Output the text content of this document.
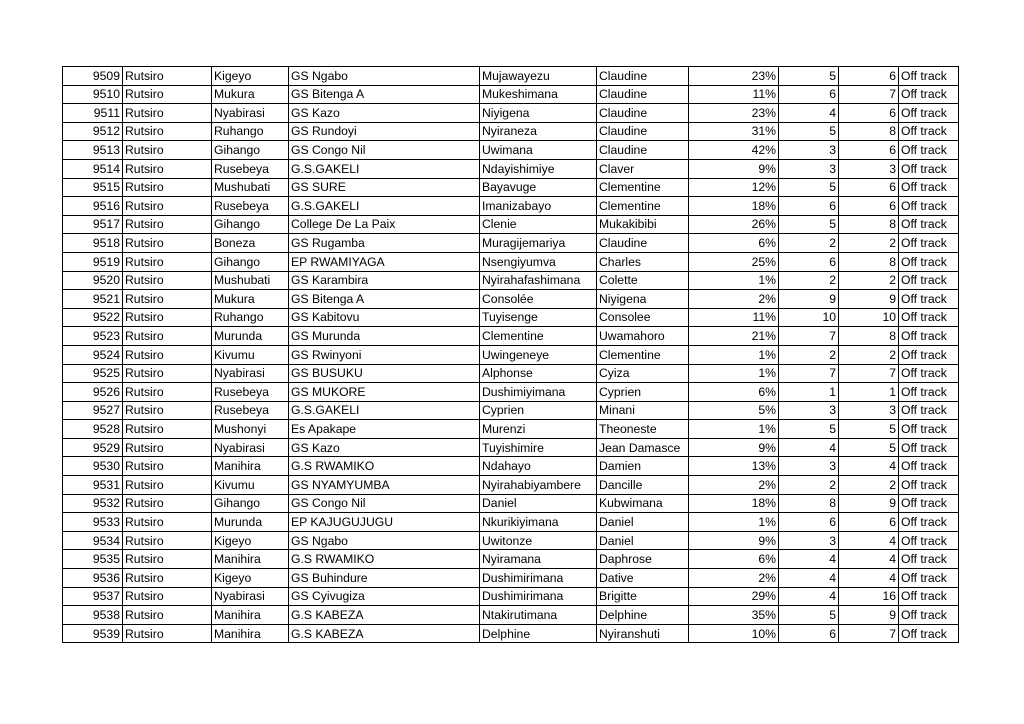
9509	Rutsiro	Kigeyo	GS Ngabo	Mujawayezu	Claudine	23%	5	6	Off track
9510	Rutsiro	Mukura	GS Bitenga A	Mukeshimana	Claudine	11%	6	7	Off track
9511	Rutsiro	Nyabirasi	GS Kazo	Niyigena	Claudine	23%	4	6	Off track
9512	Rutsiro	Ruhango	GS Rundoyi	Nyiraneza	Claudine	31%	5	8	Off track
9513	Rutsiro	Gihango	GS Congo Nil	Uwimana	Claudine	42%	3	6	Off track
9514	Rutsiro	Rusebeya	G.S.GAKELI	Ndayishimiye	Claver	9%	3	3	Off track
9515	Rutsiro	Mushubati	GS SURE	Bayavuge	Clementine	12%	5	6	Off track
9516	Rutsiro	Rusebeya	G.S.GAKELI	Imanizabayo	Clementine	18%	6	6	Off track
9517	Rutsiro	Gihango	College De La Paix	Clenie	Mukakibibi	26%	5	8	Off track
9518	Rutsiro	Boneza	GS Rugamba	Muragijemariya	Claudine	6%	2	2	Off track
9519	Rutsiro	Gihango	EP RWAMIYAGA	Nsengiyumva	Charles	25%	6	8	Off track
9520	Rutsiro	Mushubati	GS Karambira	Nyirahafashimana	Colette	1%	2	2	Off track
9521	Rutsiro	Mukura	GS Bitenga A	Consolée	Niyigena	2%	9	9	Off track
9522	Rutsiro	Ruhango	GS Kabitovu	Tuyisenge	Consolee	11%	10	10	Off track
9523	Rutsiro	Murunda	GS Murunda	Clementine	Uwamahoro	21%	7	8	Off track
9524	Rutsiro	Kivumu	GS Rwinyoni	Uwingeneye	Clementine	1%	2	2	Off track
9525	Rutsiro	Nyabirasi	GS BUSUKU	Alphonse	Cyiza	1%	7	7	Off track
9526	Rutsiro	Rusebeya	GS MUKORE	Dushimiyimana	Cyprien	6%	1	1	Off track
9527	Rutsiro	Rusebeya	G.S.GAKELI	Cyprien	Minani	5%	3	3	Off track
9528	Rutsiro	Mushonyi	Es Apakape	Murenzi	Theoneste	1%	5	5	Off track
9529	Rutsiro	Nyabirasi	GS Kazo	Tuyishimire	Jean Damasce	9%	4	5	Off track
9530	Rutsiro	Manihira	G.S RWAMIKO	Ndahayo	Damien	13%	3	4	Off track
9531	Rutsiro	Kivumu	GS NYAMYUMBA	Nyirahabiyambere	Dancille	2%	2	2	Off track
9532	Rutsiro	Gihango	GS Congo Nil	Daniel	Kubwimana	18%	8	9	Off track
9533	Rutsiro	Murunda	EP KAJUGUJUGU	Nkurikiyimana	Daniel	1%	6	6	Off track
9534	Rutsiro	Kigeyo	GS Ngabo	Uwitonze	Daniel	9%	3	4	Off track
9535	Rutsiro	Manihira	G.S RWAMIKO	Nyiramana	Daphrose	6%	4	4	Off track
9536	Rutsiro	Kigeyo	GS Buhindure	Dushimirimana	Dative	2%	4	4	Off track
9537	Rutsiro	Nyabirasi	GS Cyivugiza	Dushimirimana	Brigitte	29%	4	16	Off track
9538	Rutsiro	Manihira	G.S KABEZA	Ntakirutimana	Delphine	35%	5	9	Off track
9539	Rutsiro	Manihira	G.S KABEZA	Delphine	Nyiranshuti	10%	6	7	Off track
